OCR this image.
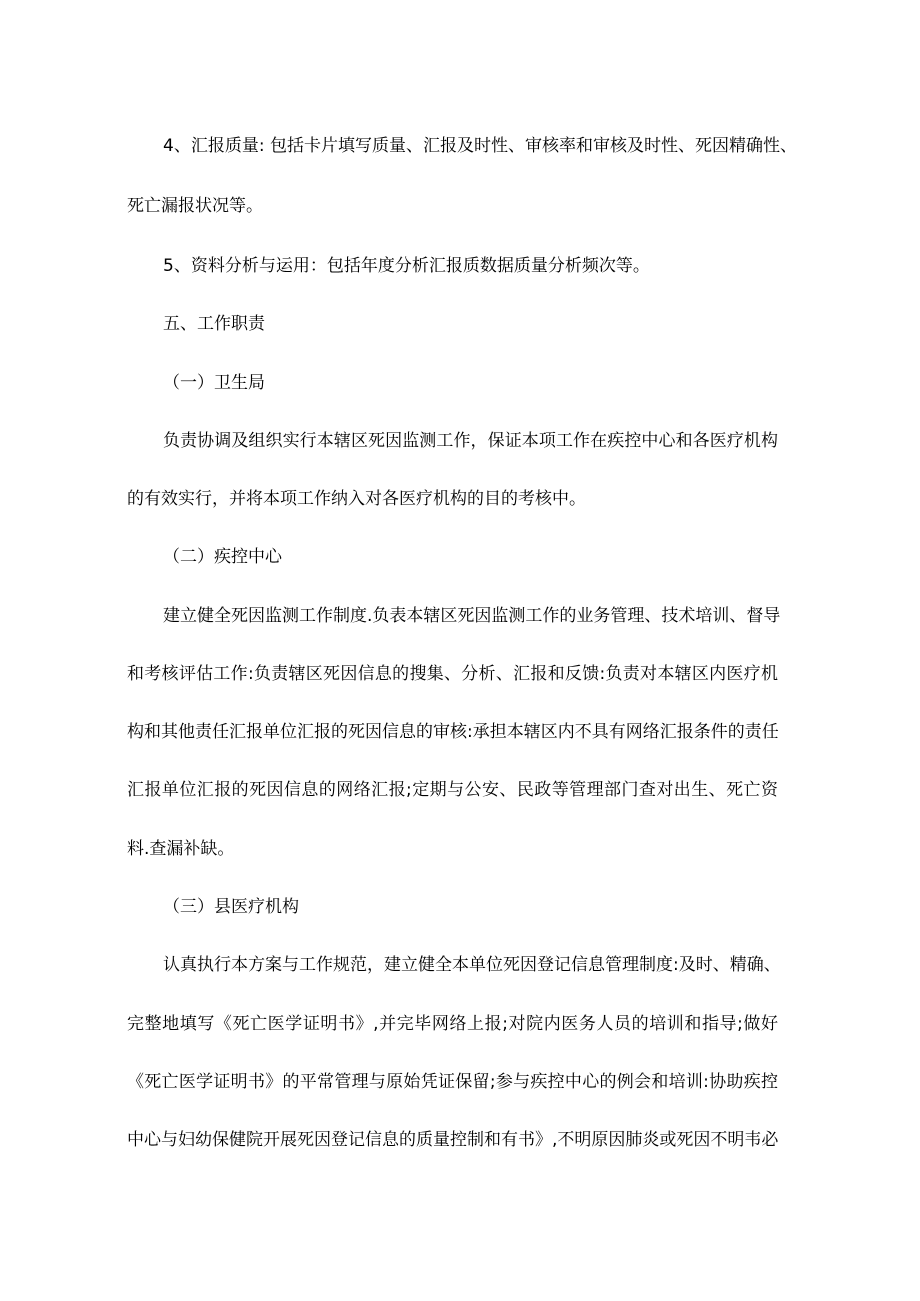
4、汇报质量: 包括卡片填写质量、汇报及时性、审核率和审核及时性、死因精确性、

死亡漏报状况等。

5、资料分析与运用：包括年度分析汇报质数据质量分析频次等。

五、工作职责

（一）卫生局

负责协调及组织实行本辖区死因监测工作，保证本项工作在疾控中心和各医疗机构

的有效实行，并将本项工作纳入对各医疗机构的目的考核中。

（二）疾控中心

建立健全死因监测工作制度.负表本辖区死因监测工作的业务管理、技术培训、督导

和考核评估工作:负责辖区死因信息的搜集、分析、汇报和反馈:负责对本辖区内医疗机

构和其他责任汇报单位汇报的死因信息的审核:承担本辖区内不具有网络汇报条件的责任

汇报单位汇报的死因信息的网络汇报;定期与公安、民政等管理部门查对出生、死亡资

料.查漏补缺。

（三）县医疗机构

认真执行本方案与工作规范，建立健全本单位死因登记信息管理制度:及时、精确、

完整地填写《死亡医学证明书》,并完毕网络上报;对院内医务人员的培训和指导;做好

《死亡医学证明书》的平常管理与原始凭证保留;参与疾控中心的例会和培训:协助疾控

中心与妇幼保健院开展死因登记信息的质量控制和有书》,不明原因肺炎或死因不明韦必
